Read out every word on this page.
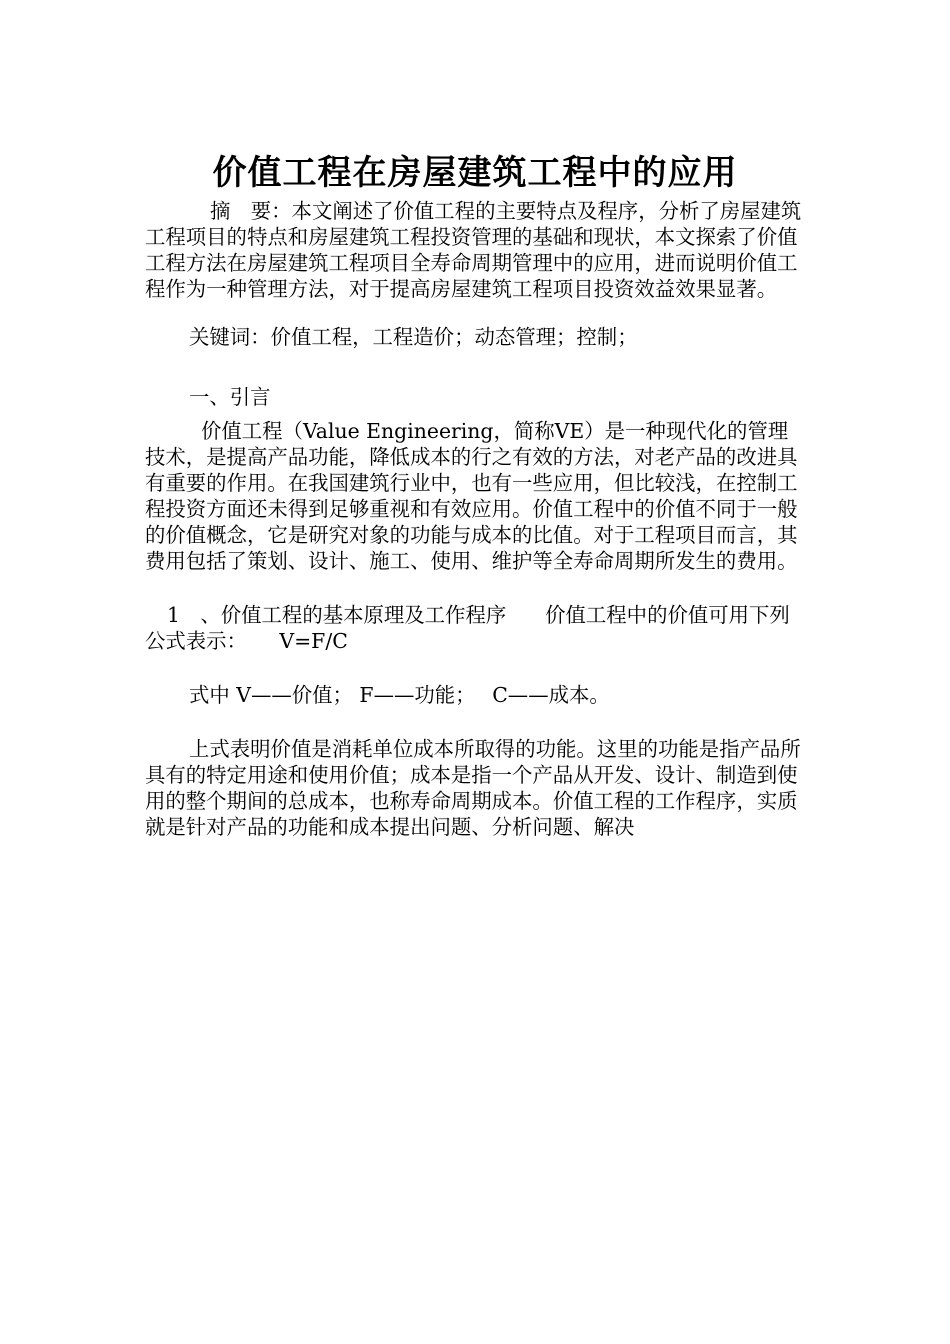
价值工程在房屋建筑工程中的应用

摘　要：本文阐述了价值工程的主要特点及程序，分析了房屋建筑工程项目的特点和房屋建筑工程投资管理的基础和现状，本文探索了价值工程方法在房屋建筑工程项目全寿命周期管理中的应用，进而说明价值工程作为一种管理方法，对于提高房屋建筑工程项目投资效益效果显著。

关键词：价值工程，工程造价；动态管理；控制；

一、引言

价值工程（Value Engineering，简称VE）是一种现代化的管理技术，是提高产品功能，降低成本的行之有效的方法，对老产品的改进具有重要的作用。在我国建筑行业中，也有一些应用，但比较浅，在控制工程投资方面还未得到足够重视和有效应用。价值工程中的价值不同于一般的价值概念，它是研究对象的功能与成本的比值。对于工程项目而言，其费用包括了策划、设计、施工、使用、维护等全寿命周期所发生的费用。

1　、价值工程的基本原理及工作程序 价值工程中的价值可用下列公式表示： V=F/C

式中 V——价值； F——功能；　 C——成本。

上式表明价值是消耗单位成本所取得的功能。这里的功能是指产品所具有的特定用途和使用价值；成本是指一个产品从开发、设计、制造到使用的整个期间的总成本，也称寿命周期成本。价值工程的工作程序，实质就是针对产品的功能和成本提出问题、分析问题、解决
